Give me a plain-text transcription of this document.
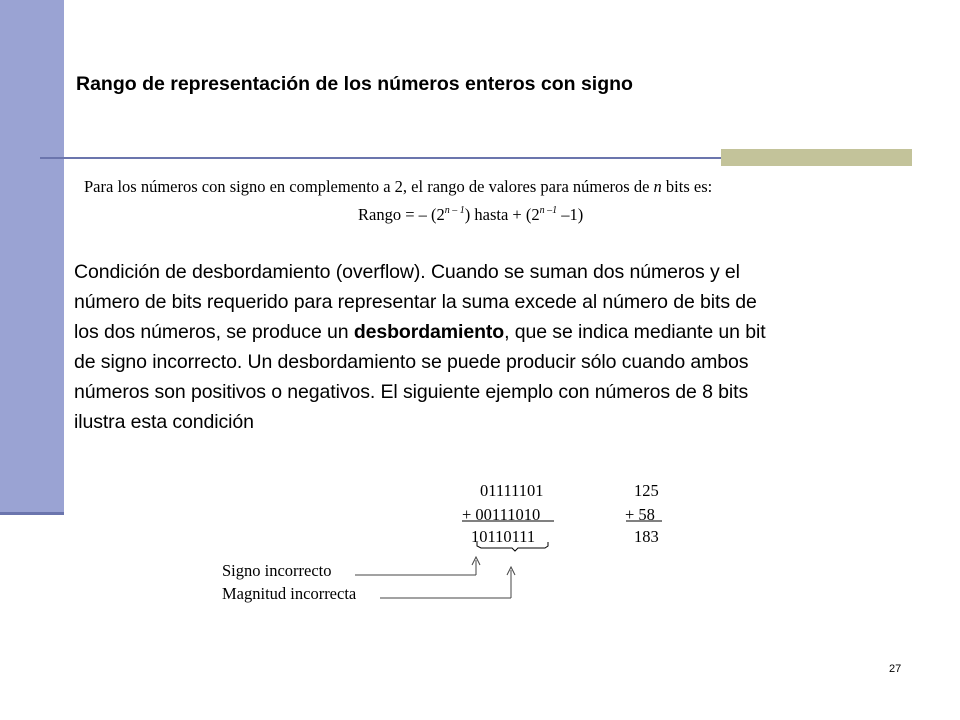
Rango de representación de los números enteros con signo
Para los números con signo en complemento a 2, el rango de valores para números de n bits es:
Rango = – (2$^{n - 1}$) hasta + ($2^{n -1}$ –1)
Condición de desbordamiento (overflow). Cuando se suman dos números y el
número de bits requerido para representar la suma excede al número de bits de
los dos números, se produce un desbordamiento, que se indica mediante un bit
de signo incorrecto. Un desbordamiento se puede producir sólo cuando ambos
números son positivos o negativos. El siguiente ejemplo con números de 8 bits
ilustra esta condición
01111101
+ 00111010
10110111
125
+ 58
183
Signo incorrecto
Magnitud incorrecta
27
